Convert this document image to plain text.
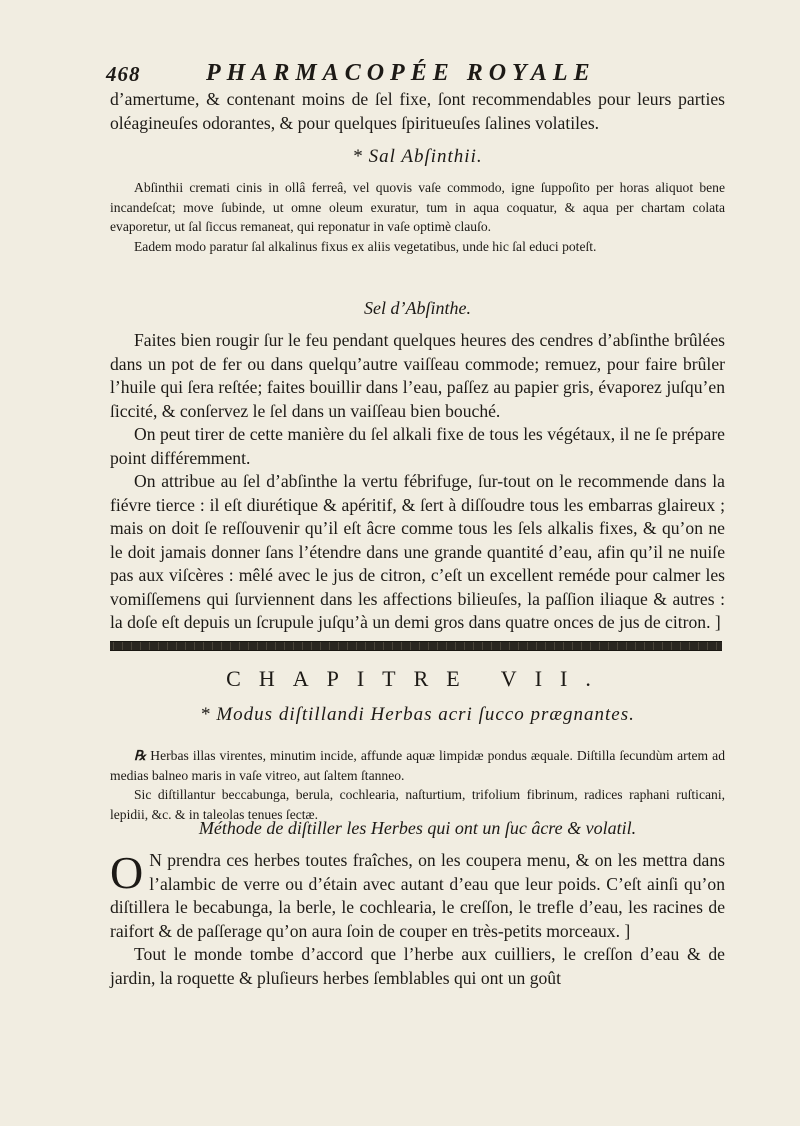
468	PHARMACOPÉE ROYALE

d’amertume, & contenant moins de ſel fixe, ſont recommendables pour leurs parties oléagineuſes odorantes, & pour quelques ſpiritueuſes ſalines volatiles.

* Sal Abſinthii.

Abſinthii cremati cinis in ollâ ferreâ, vel quovis vaſe commodo, igne ſuppoſito per horas aliquot bene incandeſcat; move ſubinde, ut omne oleum exuratur, tum in aqua coquatur, & aqua per chartam colata evaporetur, ut ſal ſiccus remaneat, qui reponatur in vaſe optimè clauſo.

Eadem modo paratur ſal alkalinus fixus ex aliis vegetatibus, unde hic ſal educi poteſt.

Sel d’Abſinthe.

Faites bien rougir ſur le feu pendant quelques heures des cendres d’abſinthe brûlées dans un pot de fer ou dans quelqu’autre vaiſſeau commode; remuez, pour faire brûler l’huile qui ſera reſtée; faites bouillir dans l’eau, paſſez au papier gris, évaporez juſqu’en ſiccité, & conſervez le ſel dans un vaiſſeau bien bouché.

On peut tirer de cette manière du ſel alkali fixe de tous les végétaux, il ne ſe prépare point différemment.

On attribue au ſel d’abſinthe la vertu fébrifuge, ſur-tout on le recommende dans la fiévre tierce : il eſt diurétique & apéritif, & ſert à diſſoudre tous les embarras glaireux ; mais on doit ſe reſſouvenir qu’il eſt âcre comme tous les ſels alkalis fixes, & qu’on ne le doit jamais donner ſans l’étendre dans une grande quantité d’eau, afin qu’il ne nuiſe pas aux viſcères : mêlé avec le jus de citron, c’eſt un excellent reméde pour calmer les vomiſſemens qui ſurviennent dans les affections bilieuſes, la paſſion iliaque & autres : la doſe eſt depuis un ſcrupule juſqu’à un demi gros dans quatre onces de jus de citron. ]

CHAPITRE VII.

* Modus diſtillandi Herbas acri ſucco prægnantes.

℞ Herbas illas virentes, minutim incide, affunde aquæ limpidæ pondus æquale. Diſtilla ſecundùm artem ad medias balneo maris in vaſe vitreo, aut ſaltem ſtanneo.

Sic diſtillantur beccabunga, berula, cochlearia, naſturtium, trifolium fibrinum, radices raphani ruſticani, lepidii, &c. & in taleolas tenues ſectæ.

Méthode de diſtiller les Herbes qui ont un ſuc âcre & volatil.

O N prendra ces herbes toutes fraîches, on les coupera menu, & on les mettra dans l’alambic de verre ou d’étain avec autant d’eau que leur poids. C’eſt ainſi qu’on diſtillera le becabunga, la berle, le cochlearia, le creſſon, le trefle d’eau, les racines de raifort & de paſſerage qu’on aura ſoin de couper en très-petits morceaux. ]

Tout le monde tombe d’accord que l’herbe aux cuilliers, le creſſon d’eau & de jardin, la roquette & pluſieurs herbes ſemblables qui ont un goût
